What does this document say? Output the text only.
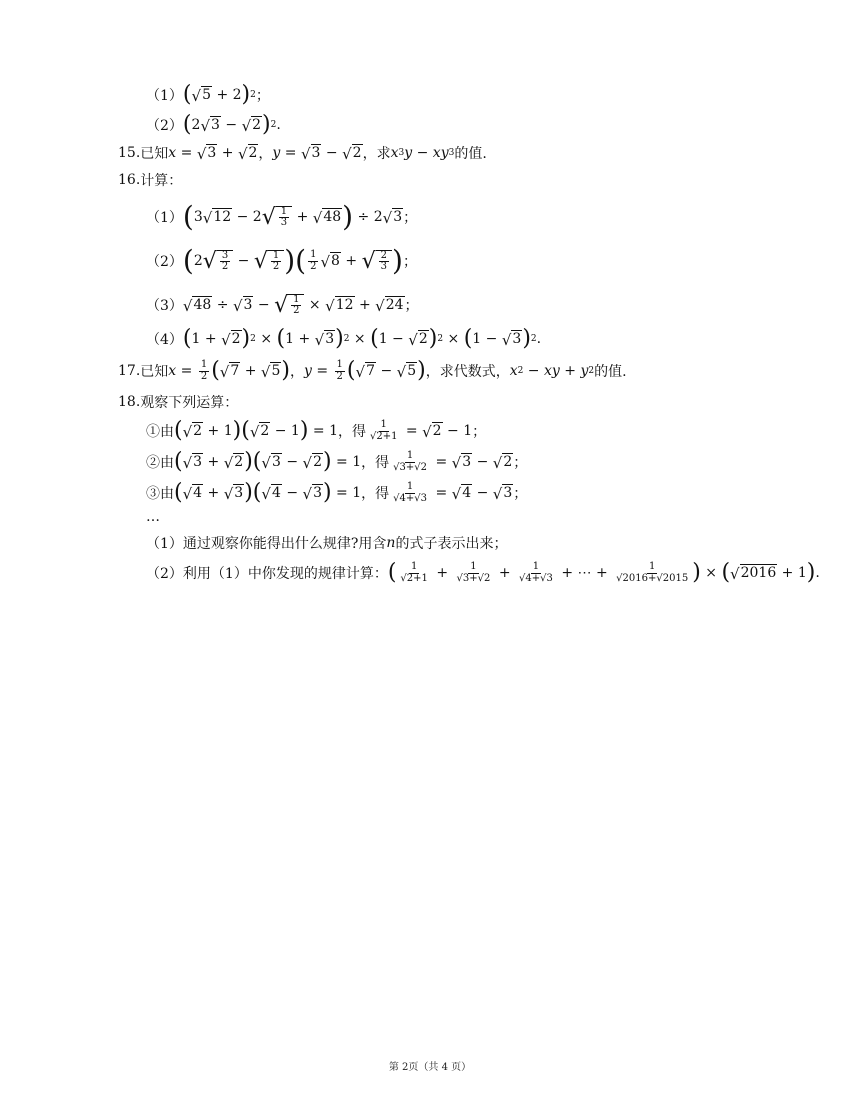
（1） ( √ 5 + 2 ) 2 ；
（2） ( 2 √ 3 − √ 2 ) 2 .
15. 已知 x = √ 3 + √ 2 ， y = √ 3 − √ 2 ，求 x 3 y − xy 3 的值.
16. 计算：
（1） ( 3 √ 12 − 2 √ $\frac{1}{3}$ + √ 48 ) ÷ 2 √ 3 ；
（2） ( 2 √ $\frac{3}{2}$ − √ $\frac{1}{2}$ ) ( $\frac{1}{2}$ √ 8 + √ $\frac{2}{3}$ ) ；
（3） √ 48 ÷ √ 3 − √ $\frac{1}{2}$ × √ 12 + √ 24 ；
（4） ( 1 + √ 2 ) 2 × ( 1 + √ 3 ) 2 × ( 1 − √ 2 ) 2 × ( 1 − √ 3 ) 2 .
17. 已知 $x = \frac{1}{2}$ ( √ 7 + √ 5 ) ， $y = \frac{1}{2}$ ( √ 7 − √ 5 ) ，求代数式， x 2 − xy + y 2 的值.
18. 观察下列运算：
①由 ( √ 2 + 1 ) ( √ 2 − 1 ) = 1 ，得 $\frac{1}{√2+1}$ = √ 2 − 1 ；
②由 ( √ 3 + √ 2 ) ( √ 3 − √ 2 ) = 1 ，得 $\frac{1}{√3+√2}$ = √ 3 − √ 2 ；
③由 ( √ 4 + √ 3 ) ( √ 4 − √ 3 ) = 1 ，得 $\frac{1}{√4+√3}$ = √ 4 − √ 3 ；
…
（1）通过观察你能得出什么规律?用含 n 的式子表示出来；
（2）利用（1）中你发现的规律计算： ( $\frac{1}{√2+1} + \frac{1}{√3+√2} + \frac{1}{√4+√3}$ + ⋯ + $\frac{1}{√2016+√2015}$ ) × ( √ 2016 + 1 ) .
第 2页（共 4 页）
